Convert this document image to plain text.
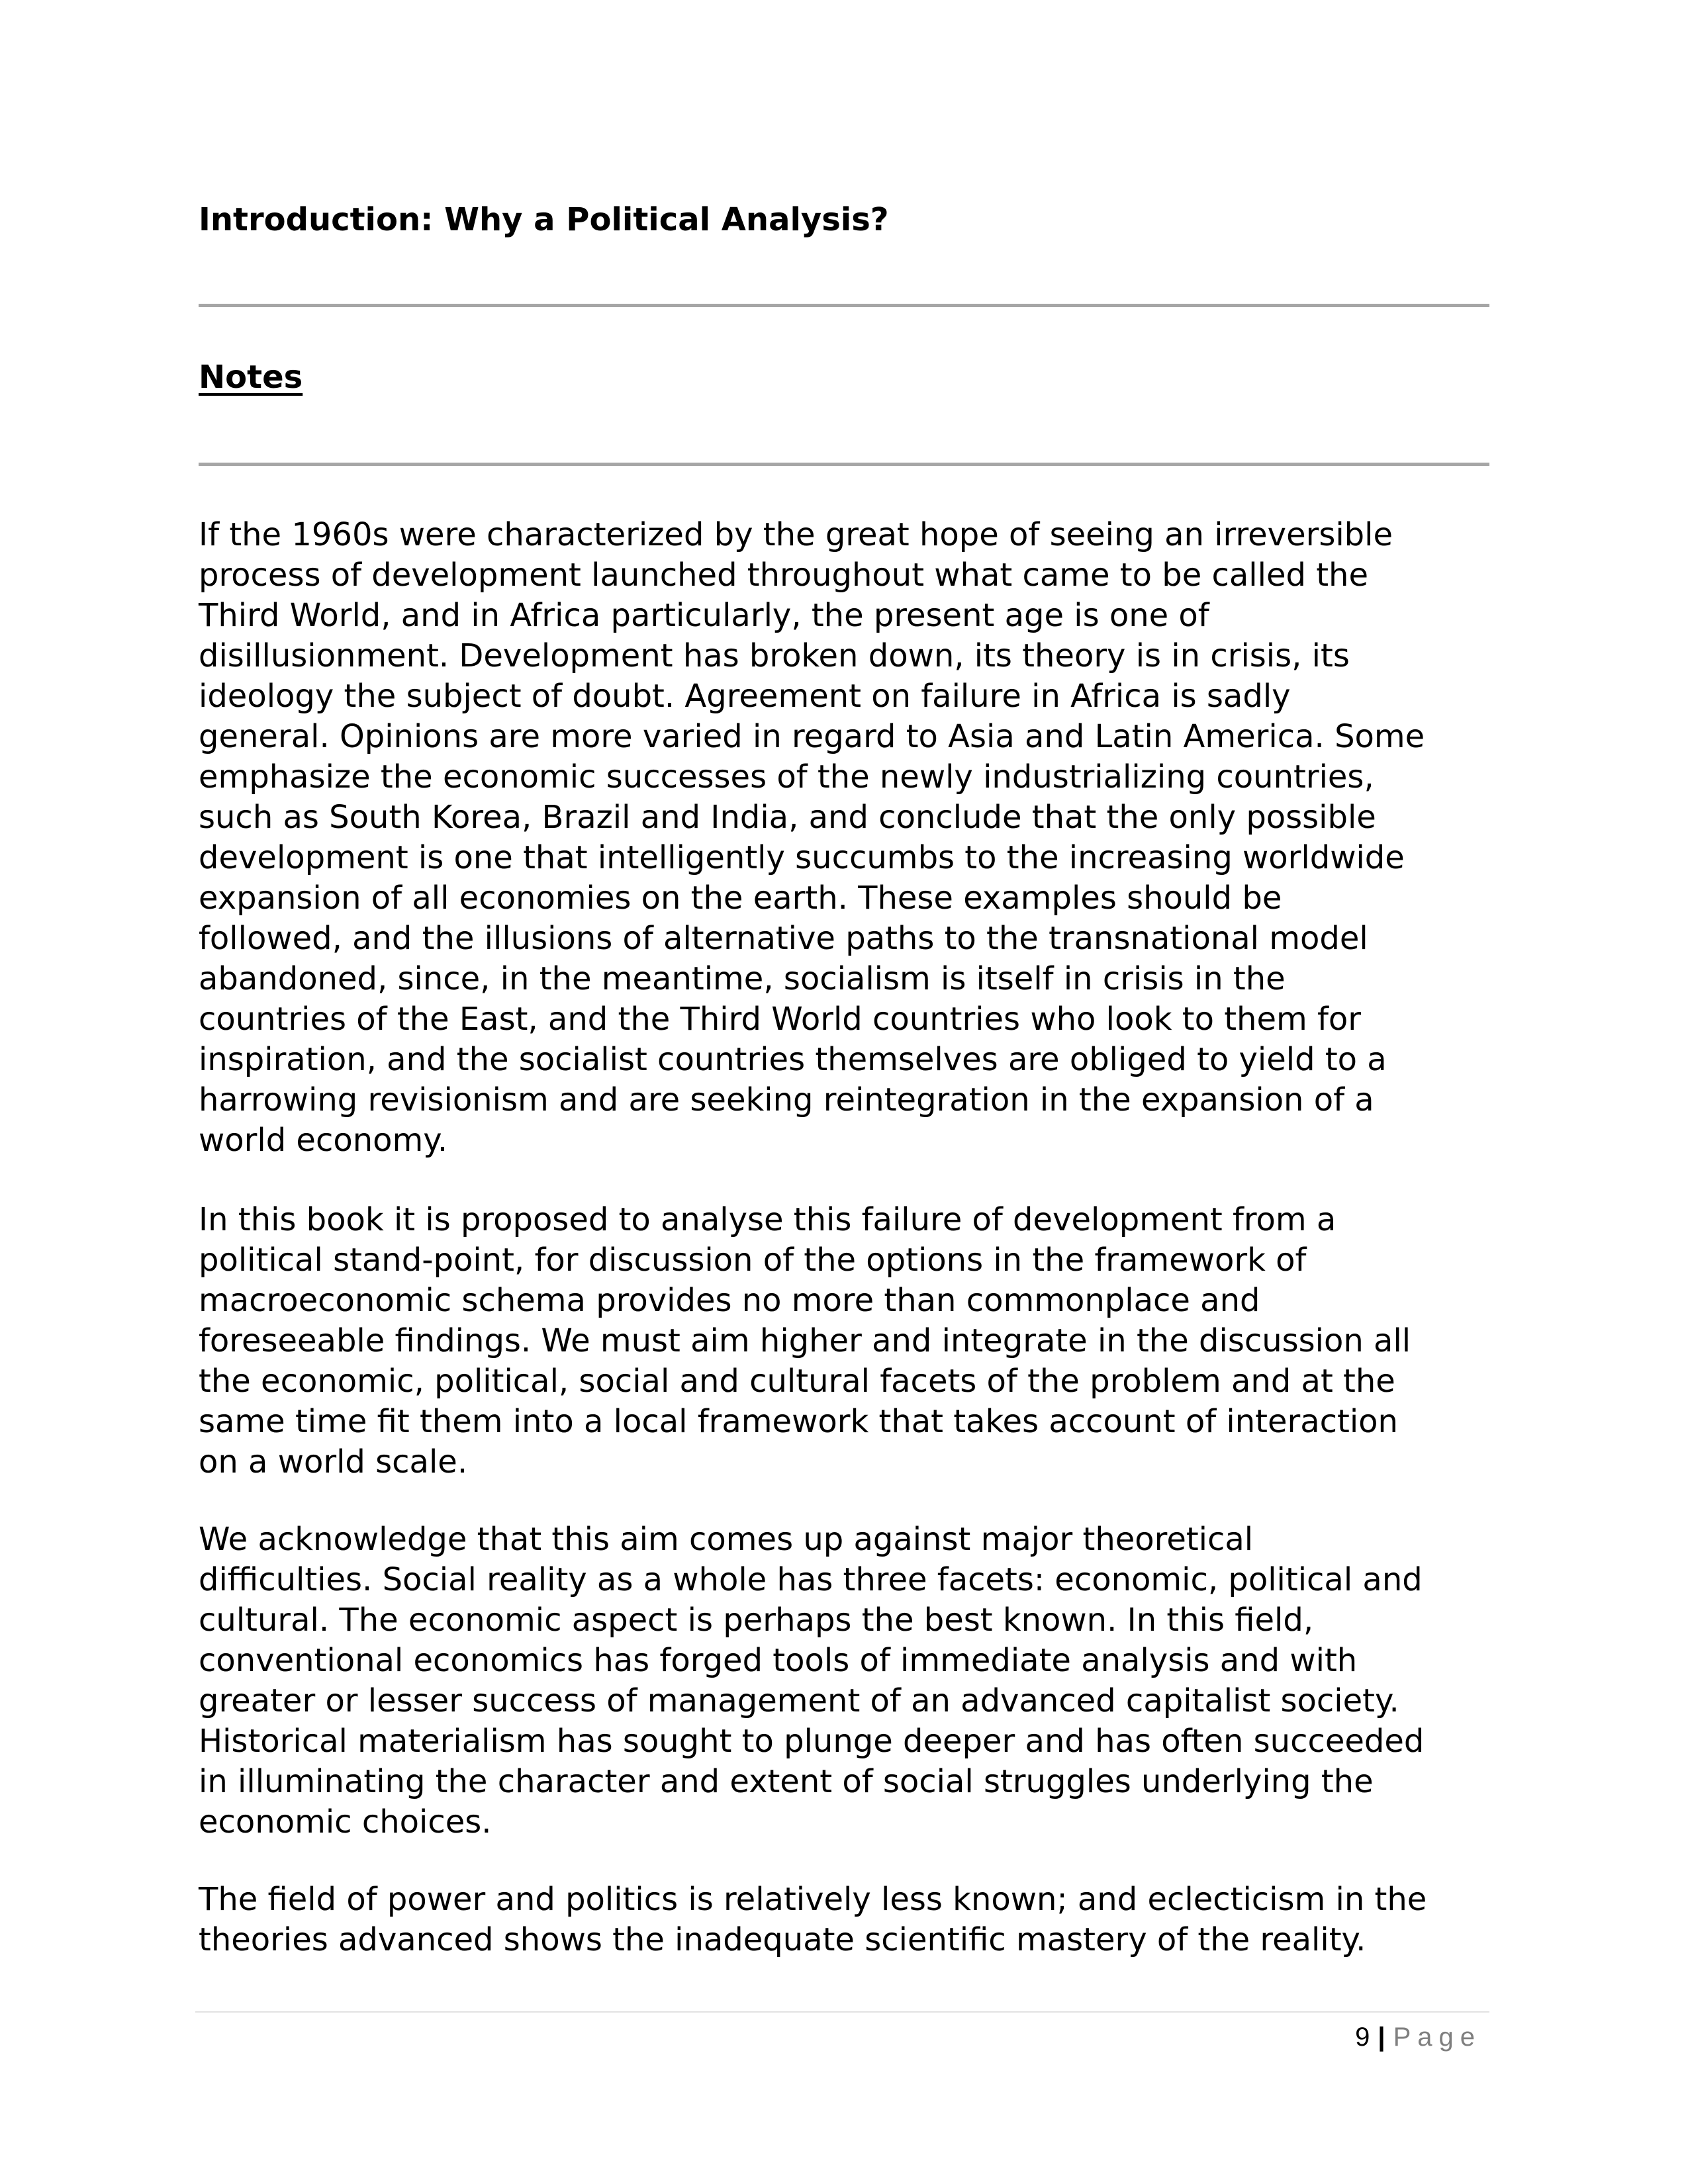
Introduction: Why a Political Analysis?
Notes

If the 1960s were characterized by the great hope of seeing an irreversible
process of development launched throughout what came to be called the
Third World, and in Africa particularly, the present age is one of
disillusionment. Development has broken down, its theory is in crisis, its
ideology the subject of doubt. Agreement on failure in Africa is sadly
general. Opinions are more varied in regard to Asia and Latin America. Some
emphasize the economic successes of the newly industrializing countries,
such as South Korea, Brazil and India, and conclude that the only possible
development is one that intelligently succumbs to the increasing worldwide
expansion of all economies on the earth. These examples should be
followed, and the illusions of alternative paths to the transnational model
abandoned, since, in the meantime, socialism is itself in crisis in the
countries of the East, and the Third World countries who look to them for
inspiration, and the socialist countries themselves are obliged to yield to a
harrowing revisionism and are seeking reintegration in the expansion of a
world economy.

In this book it is proposed to analyse this failure of development from a
political stand-point, for discussion of the options in the framework of
macroeconomic schema provides no more than commonplace and
foreseeable findings. We must aim higher and integrate in the discussion all
the economic, political, social and cultural facets of the problem and at the
same time fit them into a local framework that takes account of interaction
on a world scale.

We acknowledge that this aim comes up against major theoretical
difficulties. Social reality as a whole has three facets: economic, political and
cultural. The economic aspect is perhaps the best known. In this field,
conventional economics has forged tools of immediate analysis and with
greater or lesser success of management of an advanced capitalist society.
Historical materialism has sought to plunge deeper and has often succeeded
in illuminating the character and extent of social struggles underlying the
economic choices.

The field of power and politics is relatively less known; and eclecticism in the
theories advanced shows the inadequate scientific mastery of the reality.

9 | Page
